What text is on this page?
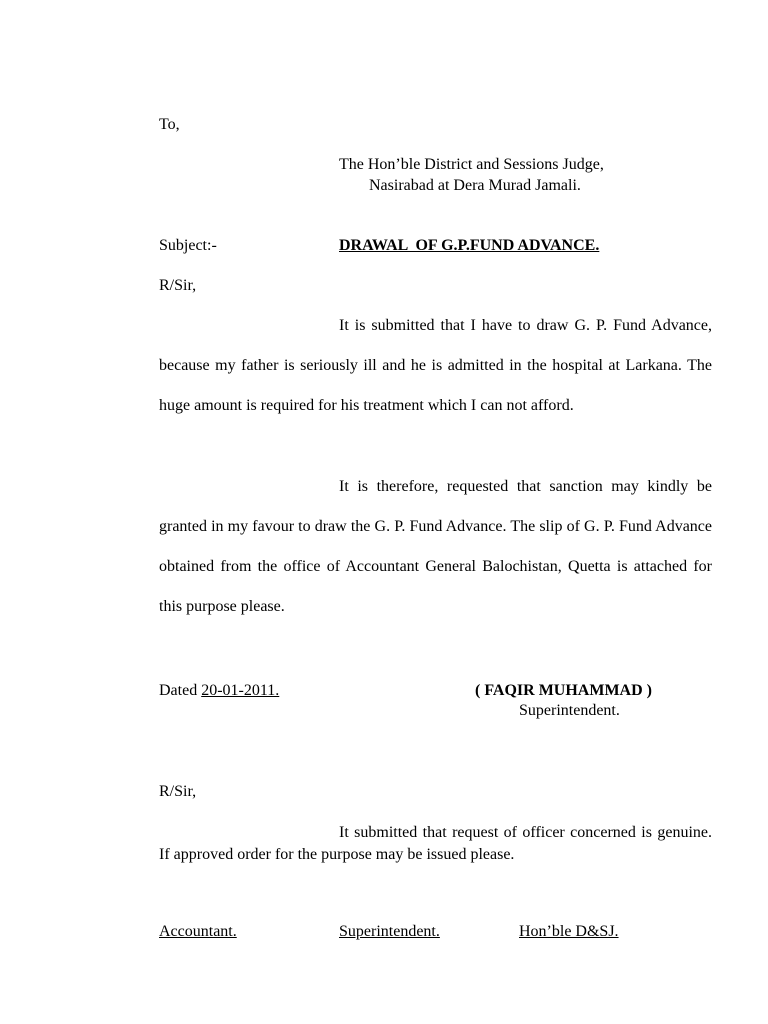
To,
The Hon’ble District and Sessions Judge,
Nasirabad at Dera Murad Jamali.
Subject:-	DRAWAL  OF G.P.FUND ADVANCE.
R/Sir,

It is submitted that I have to draw G. P. Fund Advance, because my father is seriously ill and he is admitted in the hospital at Larkana. The huge amount is required for his treatment which I can not afford.

It is therefore, requested that sanction may kindly be granted in my favour to draw the G. P. Fund Advance. The slip of G. P. Fund Advance obtained from the office of Accountant General Balochistan, Quetta is attached for this purpose please.

Dated 20-01-2011.	( FAQIR MUHAMMAD )
Superintendent.
R/Sir,

It submitted that request of officer concerned is genuine. If approved order for the purpose may be issued please.

Accountant.	Superintendent.	Hon’ble D&SJ.
